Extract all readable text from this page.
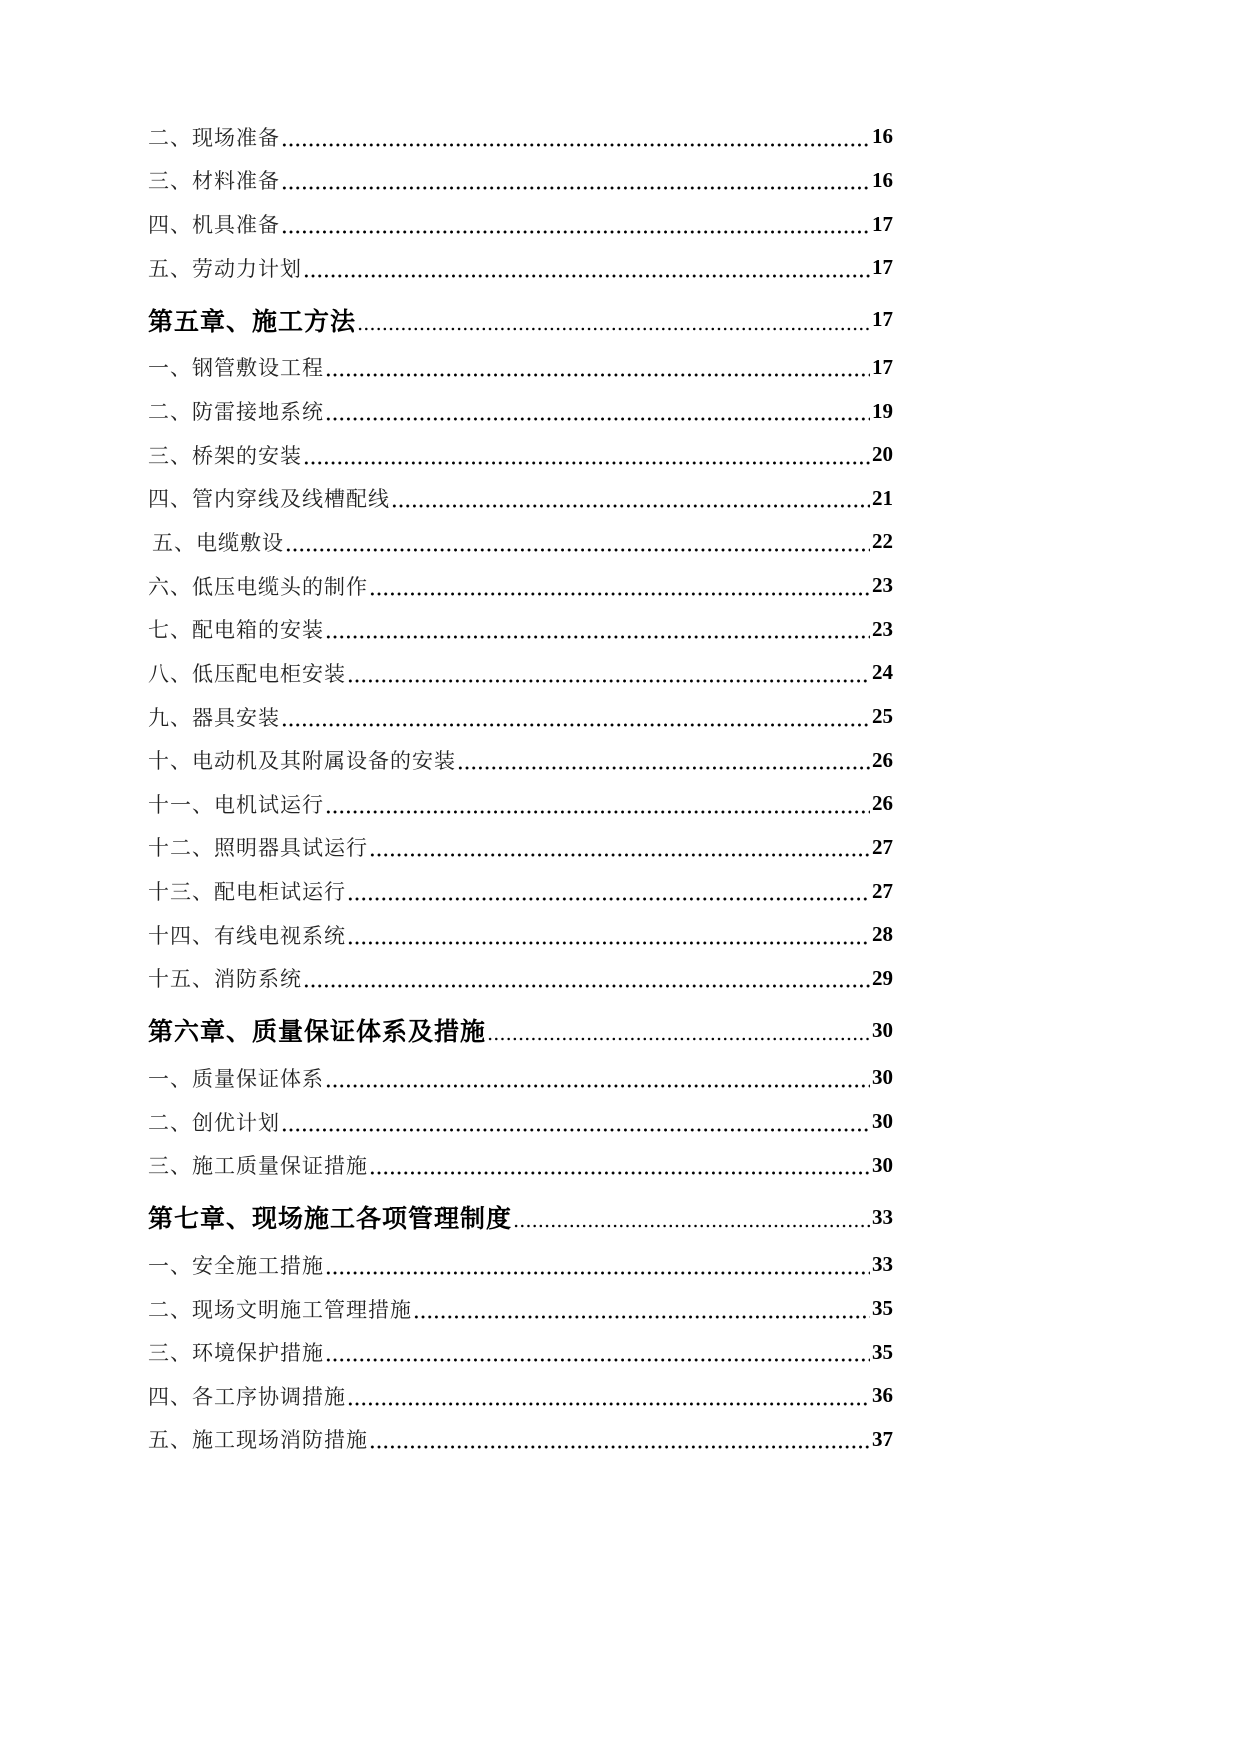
二、现场准备	16
三、材料准备	16
四、机具准备	17
五、劳动力计划	17
第五章、施工方法	17
一、钢管敷设工程	17
二、防雷接地系统	19
三、桥架的安装	20
四、管内穿线及线槽配线	21
五、电缆敷设	22
六、低压电缆头的制作	23
七、配电箱的安装	23
八、低压配电柜安装	24
九、器具安装	25
十、电动机及其附属设备的安装	26
十一、电机试运行	26
十二、照明器具试运行	27
十三、配电柜试运行	27
十四、有线电视系统	28
十五、消防系统	29
第六章、质量保证体系及措施	30
一、质量保证体系	30
二、创优计划	30
三、施工质量保证措施	30
第七章、现场施工各项管理制度	33
一、安全施工措施	33
二、现场文明施工管理措施	35
三、环境保护措施	35
四、各工序协调措施	36
五、施工现场消防措施	37
